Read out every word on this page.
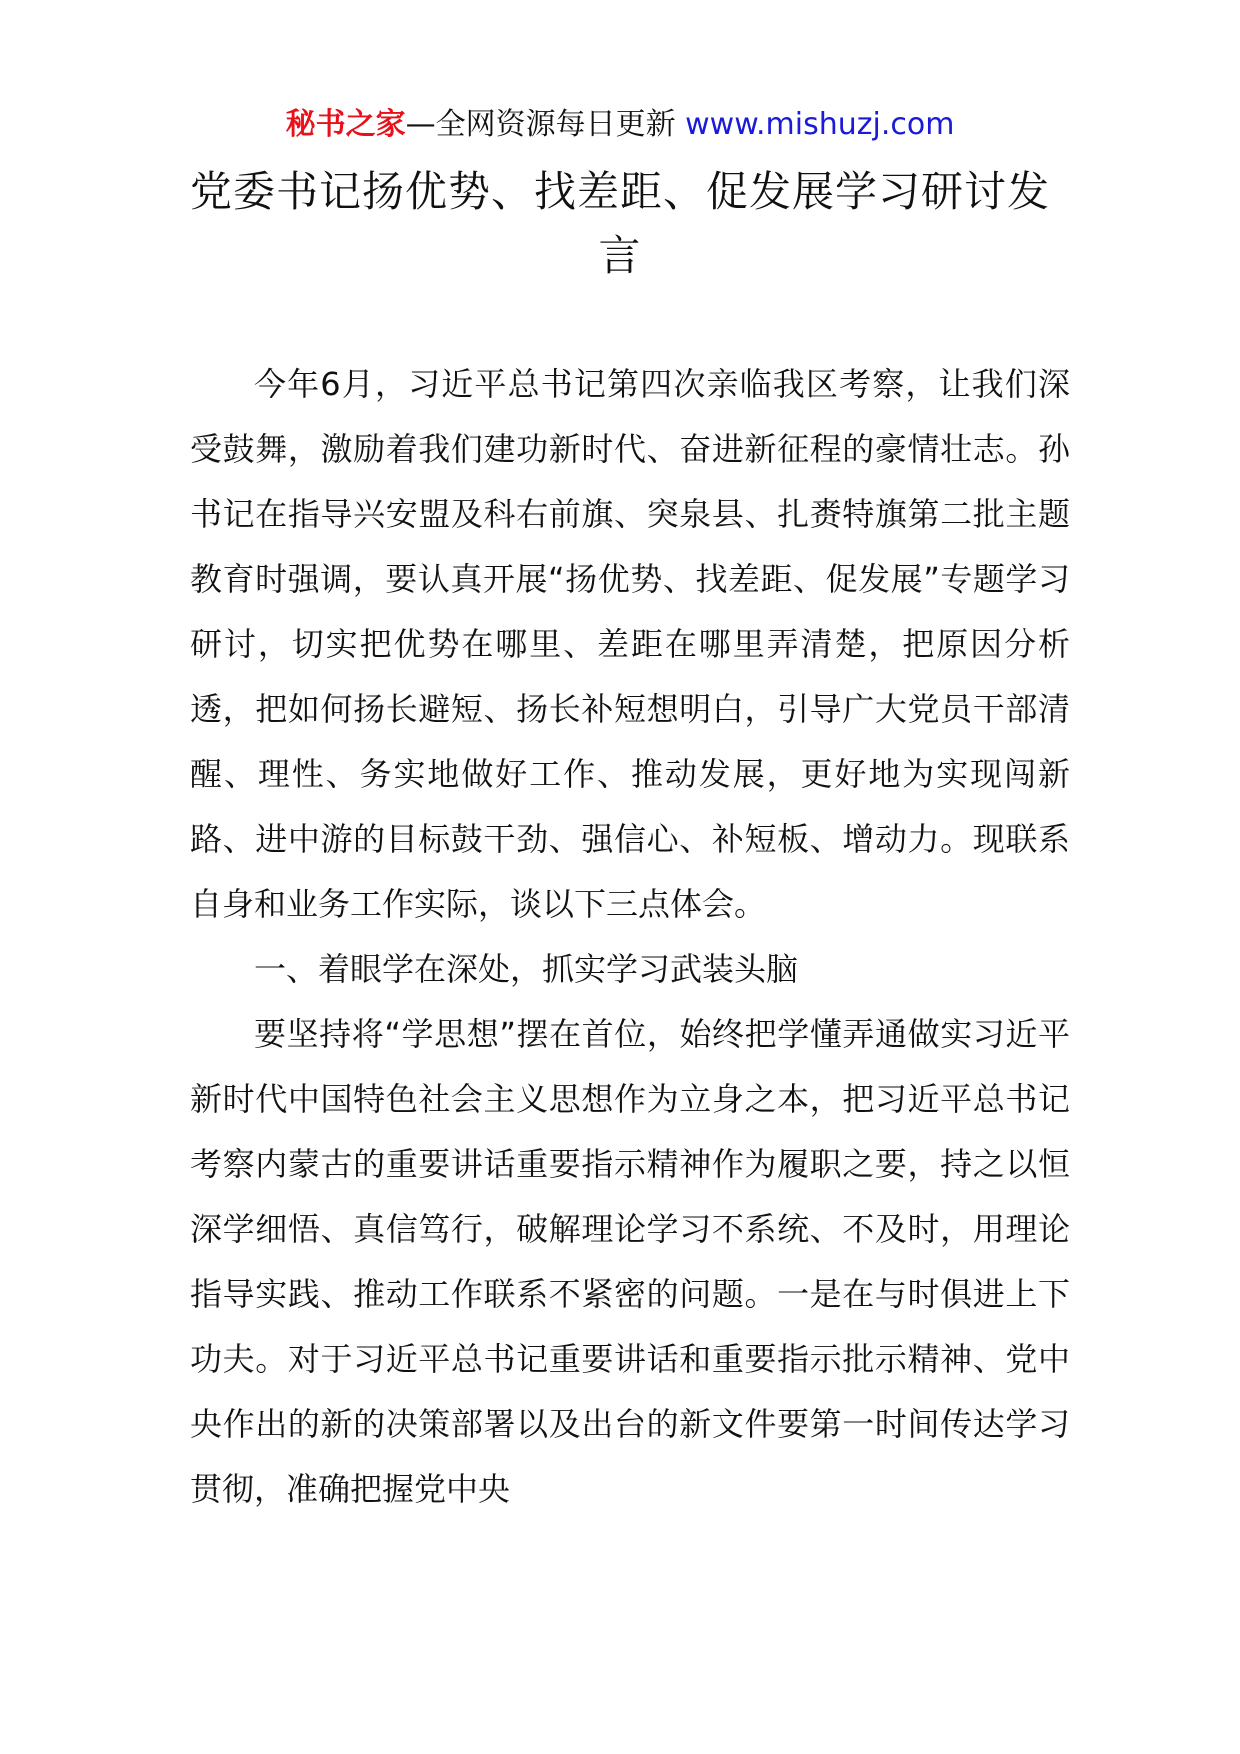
秘书之家—全网资源每日更新 www.mishuzj.com
党委书记扬优势、找差距、促发展学习研讨发言

今年6月，习近平总书记第四次亲临我区考察，让我们深受鼓舞，激励着我们建功新时代、奋进新征程的豪情壮志。孙书记在指导兴安盟及科右前旗、突泉县、扎赉特旗第二批主题教育时强调，要认真开展“扬优势、找差距、促发展”专题学习研讨，切实把优势在哪里、差距在哪里弄清楚，把原因分析透，把如何扬长避短、扬长补短想明白，引导广大党员干部清醒、理性、务实地做好工作、推动发展，更好地为实现闯新路、进中游的目标鼓干劲、强信心、补短板、增动力。现联系自身和业务工作实际，谈以下三点体会。

一、着眼学在深处，抓实学习武装头脑

要坚持将“学思想”摆在首位，始终把学懂弄通做实习近平新时代中国特色社会主义思想作为立身之本，把习近平总书记考察内蒙古的重要讲话重要指示精神作为履职之要，持之以恒深学细悟、真信笃行，破解理论学习不系统、不及时，用理论指导实践、推动工作联系不紧密的问题。一是在与时俱进上下功夫。对于习近平总书记重要讲话和重要指示批示精神、党中央作出的新的决策部署以及出台的新文件要第一时间传达学习贯彻，准确把握党中央
